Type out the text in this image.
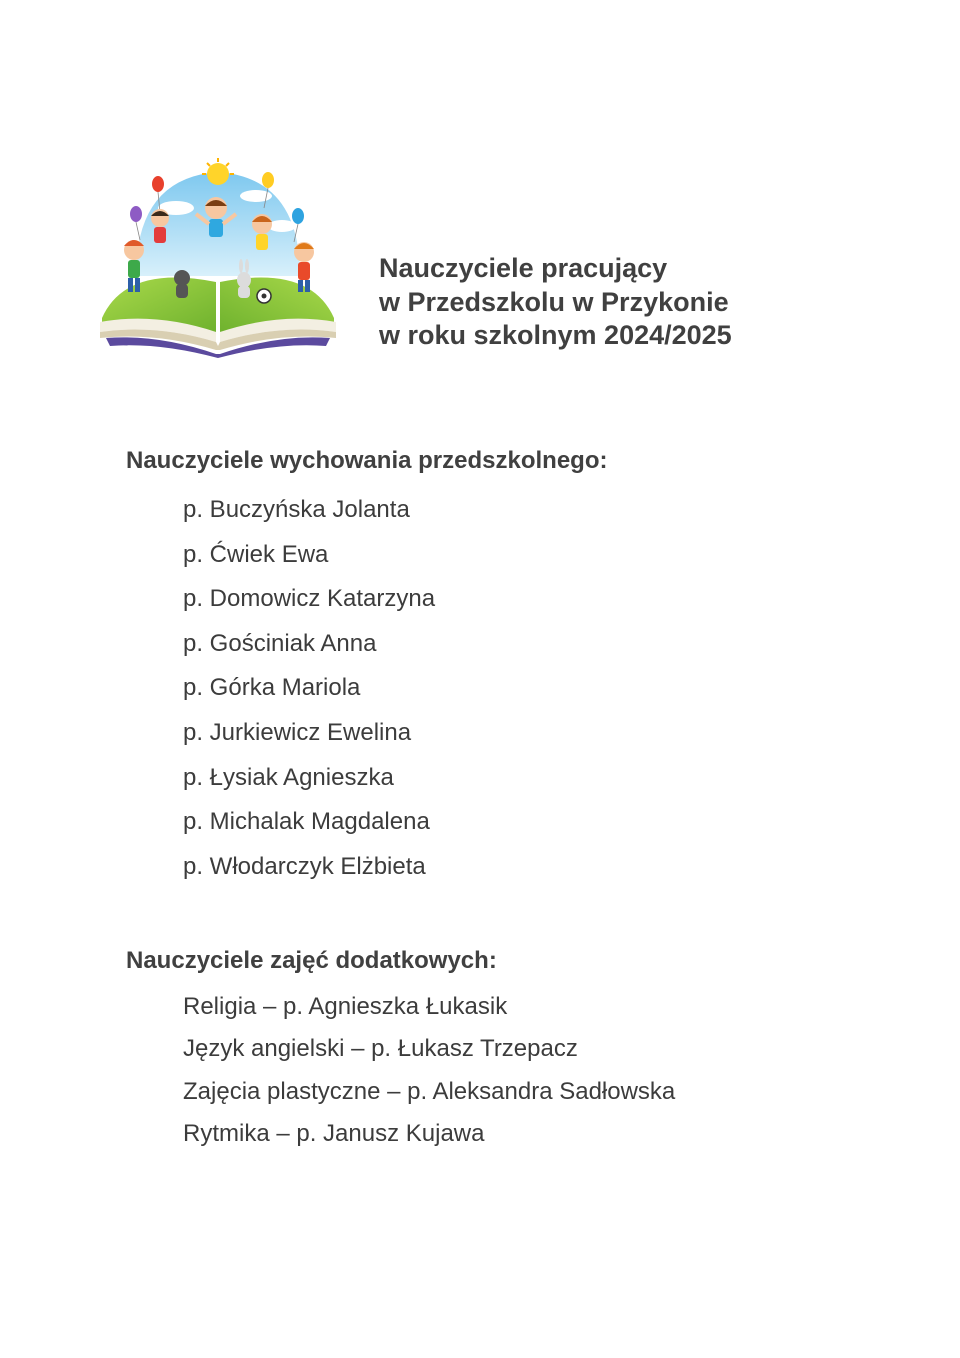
Nauczyciele pracujący
w Przedszkolu w Przykonie
w roku szkolnym 2024/2025
Nauczyciele wychowania przedszkolnego:
p. Buczyńska Jolanta
p. Ćwiek Ewa
p. Domowicz Katarzyna
p. Gościniak Anna
p. Górka Mariola
p. Jurkiewicz Ewelina
p. Łysiak Agnieszka
p. Michalak Magdalena
p. Włodarczyk Elżbieta
Nauczyciele zajęć dodatkowych:
Religia – p. Agnieszka Łukasik
Język angielski – p. Łukasz Trzepacz
Zajęcia plastyczne – p. Aleksandra Sadłowska
Rytmika – p. Janusz Kujawa
